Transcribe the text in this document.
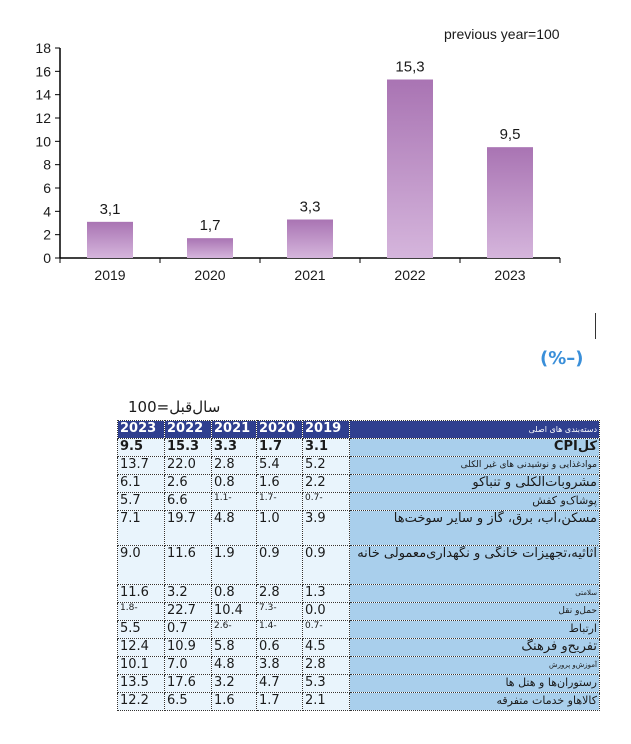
0
2
4
6
8
10
12
14
16
18
2019	2020	2021	2022	2023
3,1
1,7
3,3
15,3
9,5
previous year=100
(%–)
سال‌قبل=100
2023	2022	2021	2020	2019	دسته‌بندی های اصلی
9.5	15.3	3.3	1.7	3.1	کلCPI
13.7	22.0	2.8	5.4	5.2	موادغذایی و نوشیدنی های غیر الکلی
6.1	2.6	0.8	1.6	2.2	مشروبات‌الکلی و تنباکو
5.7	6.6	1.1-	1.7-	0.7-	پوشاک‌و کفش
7.1	19.7	4.8	1.0	3.9	مسکن،آب، برق، گاز و سایر سوخت‌ها
9.0	11.6	1.9	0.9	0.9	اثاثیه،تجهیزات خانگی و نگهداری‌معمولی خانه
11.6	3.2	0.8	2.8	1.3	سلامتی
1.8-	22.7	10.4	7.3-	0.0	حمل‌و نقل
5.5	0.7	2.6-	1.4-	0.7-	ارتباط
12.4	10.9	5.8	0.6	4.5	تفریح‌و فرهنگ
10.1	7.0	4.8	3.8	2.8	آموزش‌و پرورش
13.5	17.6	3.2	4.7	5.3	رستوران‌ها و هتل ها
12.2	6.5	1.6	1.7	2.1	کالاهاو خدمات متفرقه
